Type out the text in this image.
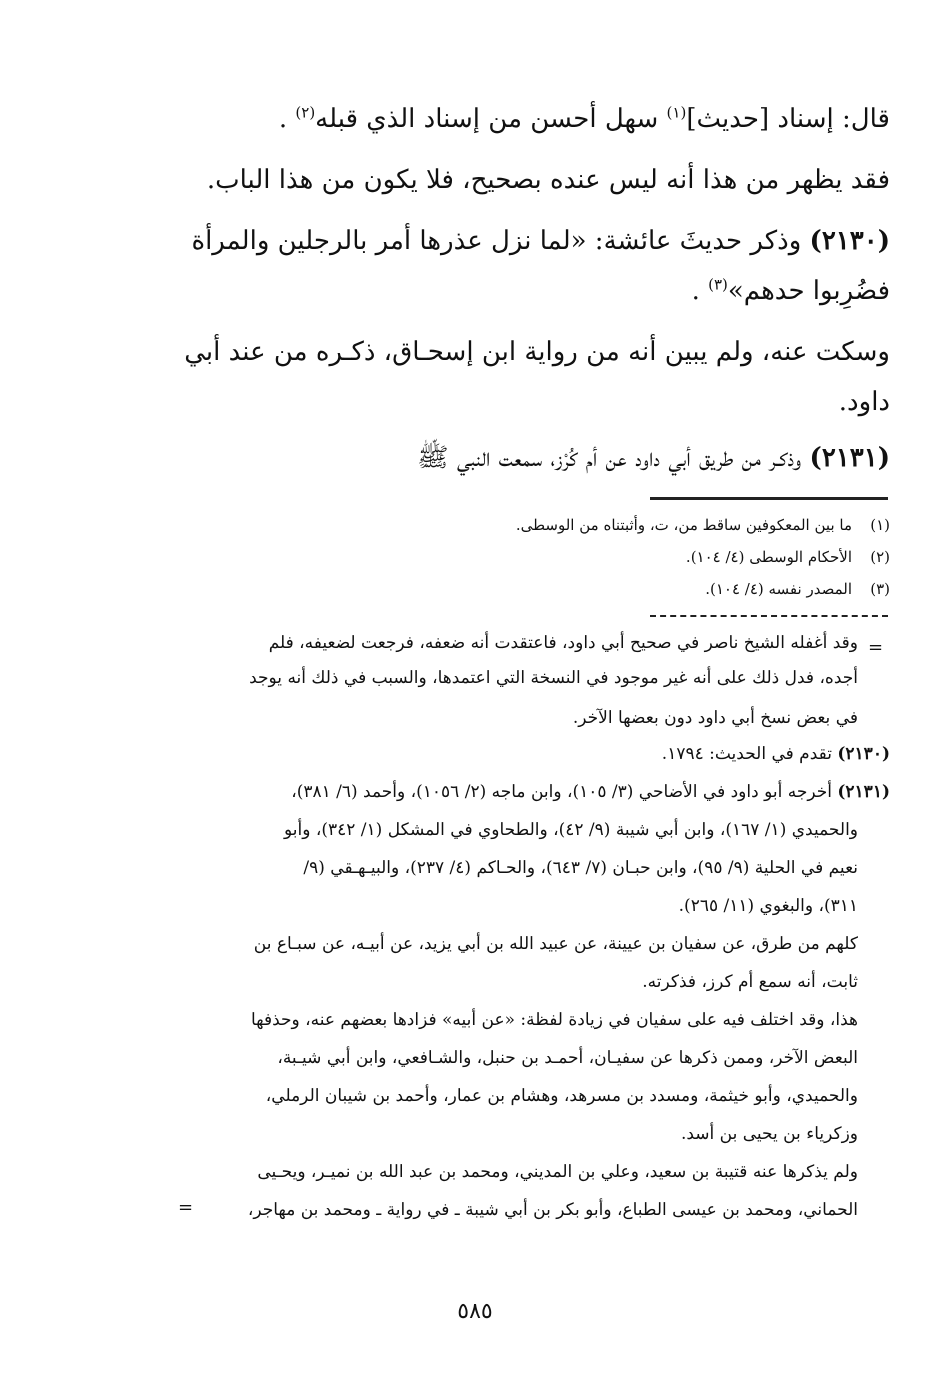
قال: إسناد [حديث]$^{(١)}$ سهل أحسن من إسناد الذي قبله$^{(٢)}$ .
فقد يظهر من هذا أنه ليس عنده بصحيح، فلا يكون من هذا الباب.
(٢١٣٠) وذكر حديثَ عائشة: «لما نزل عذرها أمر بالرجلين والمرأة
فضُرِبوا حدهم»$^{(٣)}$ .
وسكت عنه، ولم يبين أنه من رواية ابن إسحـاق، ذكـره من عند أبي
داود.
(٢١٣١) وذكـر من طريق أبي داود عن أم كُرْز، سمعت النبي ﷺ
(١)ما بين المعكوفين ساقط من، ت، وأثبتناه من الوسطى.
(٢)الأحكام الوسطى (٤/ ١٠٤).
(٣)المصدر نفسه (٤/ ١٠٤).
=
وقد أغفله الشيخ ناصر في صحيح أبي داود، فاعتقدت أنه ضعفه، فرجعت لضعيفه، فلم
أجده، فدل ذلك على أنه غير موجود في النسخة التي اعتمدها، والسبب في ذلك أنه يوجد
في بعض نسخ أبي داود دون بعضها الآخر.
(٢١٣٠) تقدم في الحديث: ١٧٩٤.
(٢١٣١) أخرجه أبو داود في الأضاحي (٣/ ١٠٥)، وابن ماجه (٢/ ١٠٥٦)، وأحمد (٦/ ٣٨١)،
والحميدي (١/ ١٦٧)، وابن أبي شيبة (٩/ ٤٢)، والطحاوي في المشكل (١/ ٣٤٢)، وأبو
نعيم في الحلية (٩/ ٩٥)، وابن حبـان (٧/ ٦٤٣)، والحـاكم (٤/ ٢٣٧)، والبيـهـقي (٩/
٣١١)، والبغوي (١١/ ٢٦٥).
كلهم من طرق، عن سفيان بن عيينة، عن عبيد الله بن أبي يزيد، عن أبيـه، عن سبـاع بن
ثابت، أنه سمع أم كرز، فذكرته.
هذا، وقد اختلف فيه على سفيان في زيادة لفظة: «عن أبيه» فزادها بعضهم عنه، وحذفها
البعض الآخر، وممن ذكرها عن سفيـان، أحمـد بن حنبل، والشـافعي، وابن أبي شيـبة،
والحميدي، وأبو خيثمة، ومسدد بن مسرهد، وهشام بن عمار، وأحمد بن شيبان الرملي،
وزكرياء بن يحيى بن أسد.
ولم يذكرها عنه قتيبة بن سعيد، وعلي بن المديني، ومحمد بن عبد الله بن نميـر، ويحـيى
الحماني، ومحمد بن عيسى الطباع، وأبو بكر بن أبي شيبة ـ في رواية ـ ومحمد بن مهاجر،
=
٥٨٥
